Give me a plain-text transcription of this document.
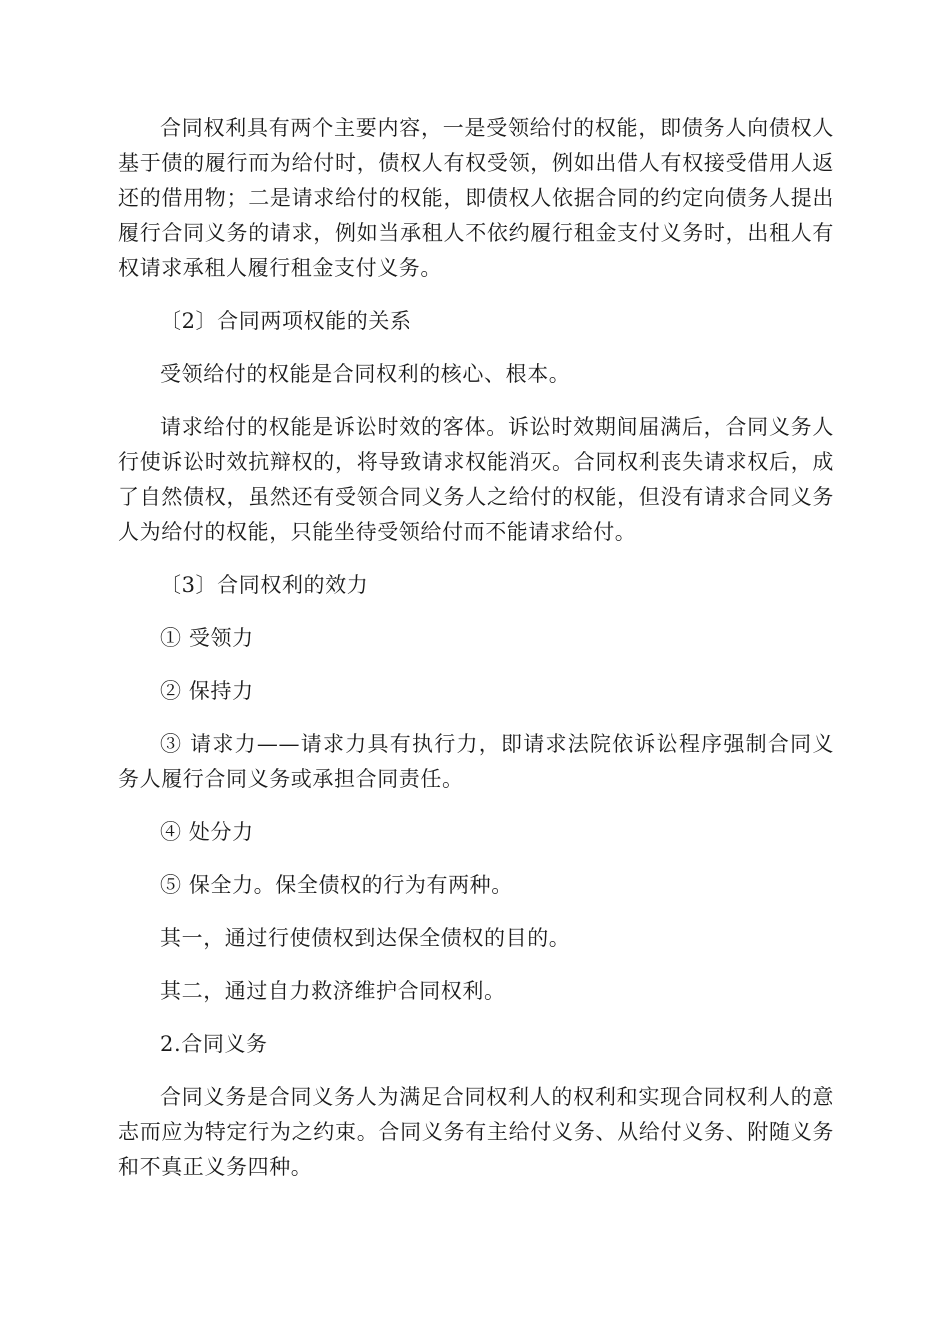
合同权利具有两个主要内容，一是受领给付的权能，即债务人向债权人基于债的履行而为给付时，债权人有权受领，例如出借人有权接受借用人返还的借用物；二是请求给付的权能，即债权人依据合同的约定向债务人提出履行合同义务的请求，例如当承租人不依约履行租金支付义务时，出租人有权请求承租人履行租金支付义务。

〔2〕合同两项权能的关系

受领给付的权能是合同权利的核心、根本。

请求给付的权能是诉讼时效的客体。诉讼时效期间届满后，合同义务人行使诉讼时效抗辩权的，将导致请求权能消灭。合同权利丧失请求权后，成了自然债权，虽然还有受领合同义务人之给付的权能，但没有请求合同义务人为给付的权能，只能坐待受领给付而不能请求给付。

〔3〕合同权利的效力

① 受领力

② 保持力

③ 请求力——请求力具有执行力，即请求法院依诉讼程序强制合同义务人履行合同义务或承担合同责任。

④ 处分力

⑤ 保全力。保全债权的行为有两种。

其一，通过行使债权到达保全债权的目的。

其二，通过自力救济维护合同权利。

2.合同义务

合同义务是合同义务人为满足合同权利人的权利和实现合同权利人的意志而应为特定行为之约束。合同义务有主给付义务、从给付义务、附随义务和不真正义务四种。
